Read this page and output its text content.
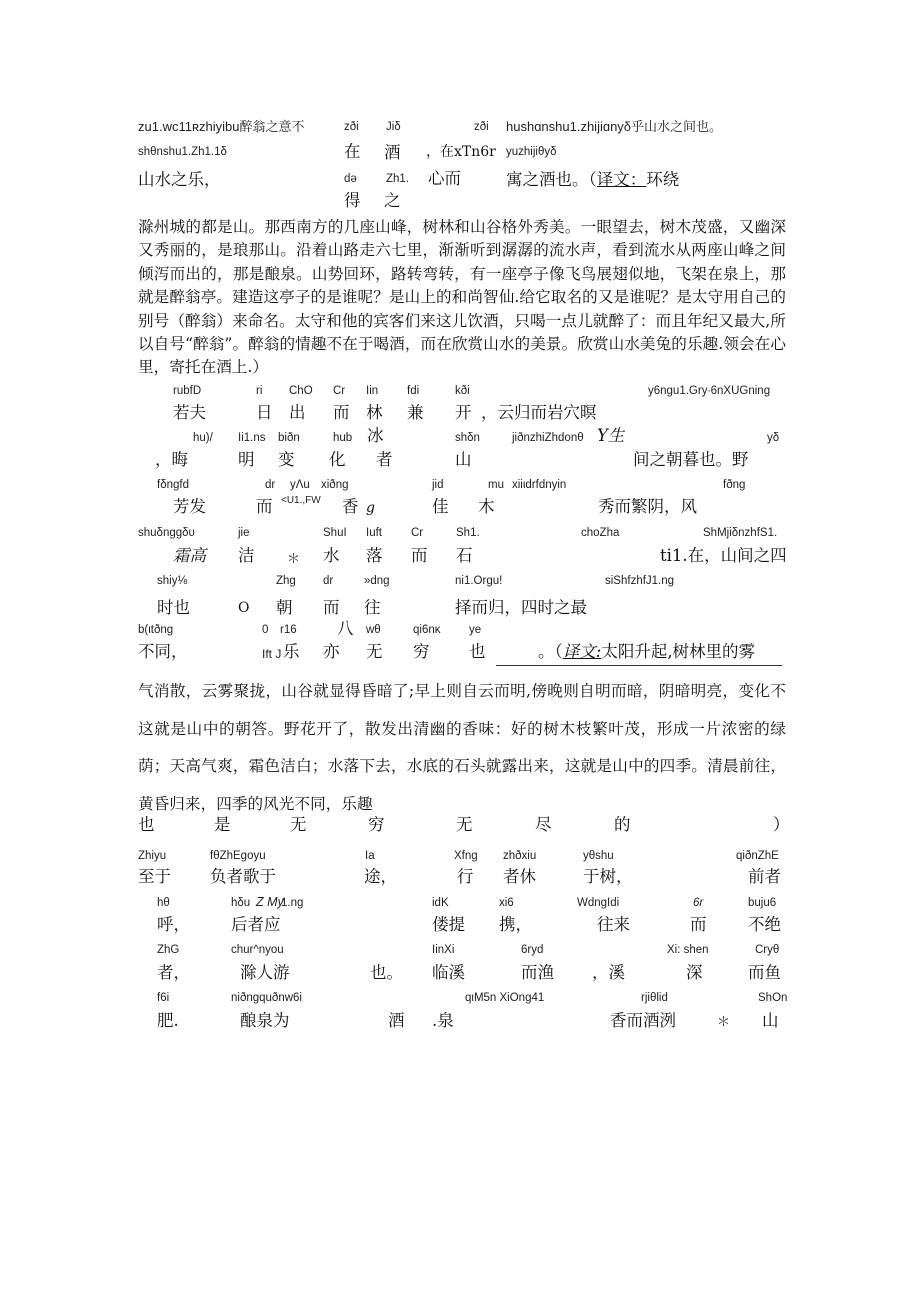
zu1.wc11ʀzhiyibu醉翁之意不	zði Jiδ	zði hushɑnshu1.zhijiɑnyδ乎山水之间也。
shθnshu1.Zh1.1δ	在 酒 ，在xTn6r yuzhijiθyδ
山水之乐，	də	Zh1. 心而	寓之酒也。（译文：环绕
得 之
滁州城的都是山。那西南方的几座山峰，树林和山谷格外秀美。一眼望去，树木茂盛，又幽深又秀丽的，是琅那山。沿着山路走六七里，渐渐听到潺潺的流水声，看到流水从两座山峰之间倾泻而出的，那是酿泉。山势回环，路转弯转，有一座亭子像飞鸟展翅似地，飞架在泉上，那就是醉翁亭。建造这亭子的是谁呢？是山上的和尚智仙.给它取名的又是谁呢？是太守用自己的别号（醉翁）来命名。太守和他的宾客们来这儿饮酒，只喝一点儿就醉了：而且年纪又最大,所以自号“醉翁”。醉翁的情趣不在于喝酒，而在欣赏山水的美景。欣赏山水美兔的乐趣.领会在心里，寄托在酒上.）
rubfD	ri ChO Cr Iin	fdi	kði	y6ngu1.Gry∙6nXUGning
若夫	日 出 而 林 兼 开 ，云归而岩穴暝
hu)/ Ii1.ns biðn	hub 冰	shδn	jiðnzhiZhdonθ Y生	yδ
，晦	明 变 化 者	山	间之朝暮也。野
fδngfd	dr yΛu xiðng	jid	mu xiiιdrfdnyin	fðng
芳发	而 <U1.,FW 香 g	佳 木	秀而繁阴，风
shuδnggδυ	jie	ShuI Iuft	Cr	Sh1.	choZha	ShMjiδnzhfS1.
霜高 洁	＊ 水 落 而 石	ti1.在，山间之四
shiy⅛	Zhg dr	»dng	ni1.Orgu!	siShfzhfJ1.ng
时也	O 朝 而 往	择而归，四时之最
b(ιtðng	0 r16 八 wθ	qi6nκ ye
不同，	Ift J 乐 亦 无 穷 也	。（译文:太阳升起,树林里的雾
气消散，云雾聚拢，山谷就显得昏暗了;早上则自云而明,傍晚则自明而暗，阴暗明亮，变化不这就是山中的朝答。野花开了，散发出清幽的香味：好的树木枝繁叶茂，形成一片浓密的绿荫；天高气爽，霜色洁白；水落下去，水底的石头就露出来，这就是山中的四季。清晨前往，黄昏归来，四季的风光不同，乐趣
也	是	无	穷	无	尽	的	）
Zhiyu	fθZhEgoyu	Ia	Xfng zhðxiu	yθshu	qiðnZhE
至于 负者歌于	途，	行 者休	于树，	前者
hθ	hδu Z My
1.ng	idK	xi6	WdngIdi	6r	buju6
呼， 后者应	偻提 携，	往来	而	不绝
ZhG	chur^nyou	IinXi	6ryd	Xi: shen	Cryθ
者，	滁人游	也。 临溪	而渔 ，溪	深	而鱼
f6i	niðngquðnw6i	qιM5n XiOng41	rjiθlid	ShOn
肥.	酿泉为	酒 .泉	香而酒洌	＊ 山
